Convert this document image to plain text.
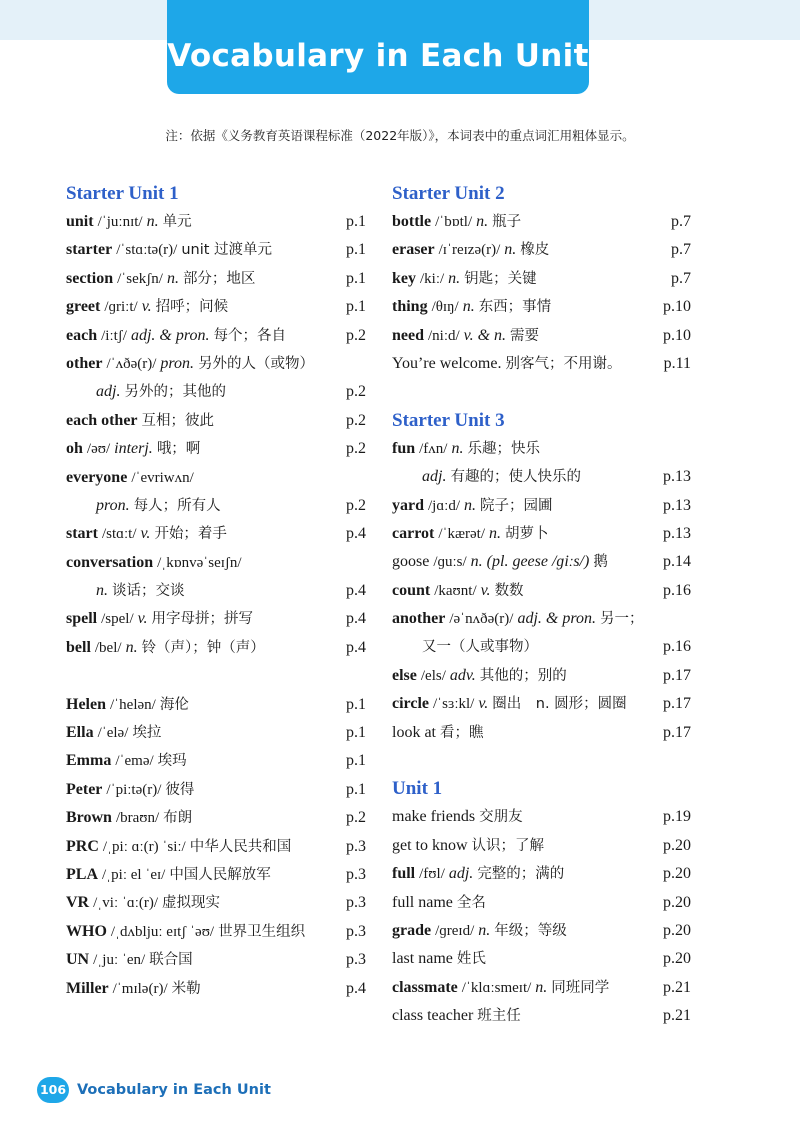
Vocabulary in Each Unit
注：依据《义务教育英语课程标准（2022年版）》，本词表中的重点词汇用粗体显示。
Starter Unit 1
unit /ˈjuːnɪt/ n. 单元	p.1
starter /ˈstɑːtə(r)/ unit 过渡单元	p.1
section /ˈsekʃn/ n. 部分；地区	p.1
greet /ɡriːt/ v. 招呼；问候	p.1
each /iːtʃ/ adj. & pron. 每个；各自	p.2
other /ˈʌðə(r)/ pron. 另外的人（或物）
adj. 另外的；其他的	p.2
each other 互相；彼此	p.2
oh /əʊ/ interj. 哦；啊	p.2
everyone /ˈevriwʌn/
pron. 每人；所有人	p.2
start /stɑːt/ v. 开始；着手	p.4
conversation /ˌkɒnvəˈseɪʃn/
n. 谈话；交谈	p.4
spell /spel/ v. 用字母拼；拼写	p.4
bell /bel/ n. 铃（声）；钟（声）	p.4
Helen /ˈhelən/ 海伦	p.1
Ella /ˈelə/ 埃拉	p.1
Emma /ˈemə/ 埃玛	p.1
Peter /ˈpiːtə(r)/ 彼得	p.1
Brown /braʊn/ 布朗	p.2
PRC /ˌpiː ɑː(r) ˈsiː/ 中华人民共和国	p.3
PLA /ˌpiː el ˈeɪ/ 中国人民解放军	p.3
VR /ˌviː ˈɑː(r)/ 虚拟现实	p.3
WHO /ˌdʌbljuː eɪtʃ ˈəʊ/ 世界卫生组织	p.3
UN /ˌjuː ˈen/ 联合国	p.3
Miller /ˈmɪlə(r)/ 米勒	p.4
Starter Unit 2
bottle /ˈbɒtl/ n. 瓶子	p.7
eraser /ɪˈreɪzə(r)/ n. 橡皮	p.7
key /kiː/ n. 钥匙；关键	p.7
thing /θɪŋ/ n. 东西；事情	p.10
need /niːd/ v. & n. 需要	p.10
You’re welcome. 别客气；不用谢。	p.11
Starter Unit 3
fun /fʌn/ n. 乐趣；快乐
adj. 有趣的；使人快乐的	p.13
yard /jɑːd/ n. 院子；园圃	p.13
carrot /ˈkærət/ n. 胡萝卜	p.13
goose /ɡuːs/ n. (pl. geese /ɡiːs/) 鹅	p.14
count /kaʊnt/ v. 数数	p.16
another /əˈnʌðə(r)/ adj. & pron. 另一；
又一（人或事物）	p.16
else /els/ adv. 其他的；别的	p.17
circle /ˈsɜːkl/ v. 圈出　n. 圆形；圆圈	p.17
look at 看；瞧	p.17
Unit 1
make friends 交朋友	p.19
get to know 认识；了解	p.20
full /fʊl/ adj. 完整的；满的	p.20
full name 全名	p.20
grade /ɡreɪd/ n. 年级；等级	p.20
last name 姓氏	p.20
classmate /ˈklɑːsmeɪt/ n. 同班同学	p.21
class teacher 班主任	p.21
106 Vocabulary in Each Unit
